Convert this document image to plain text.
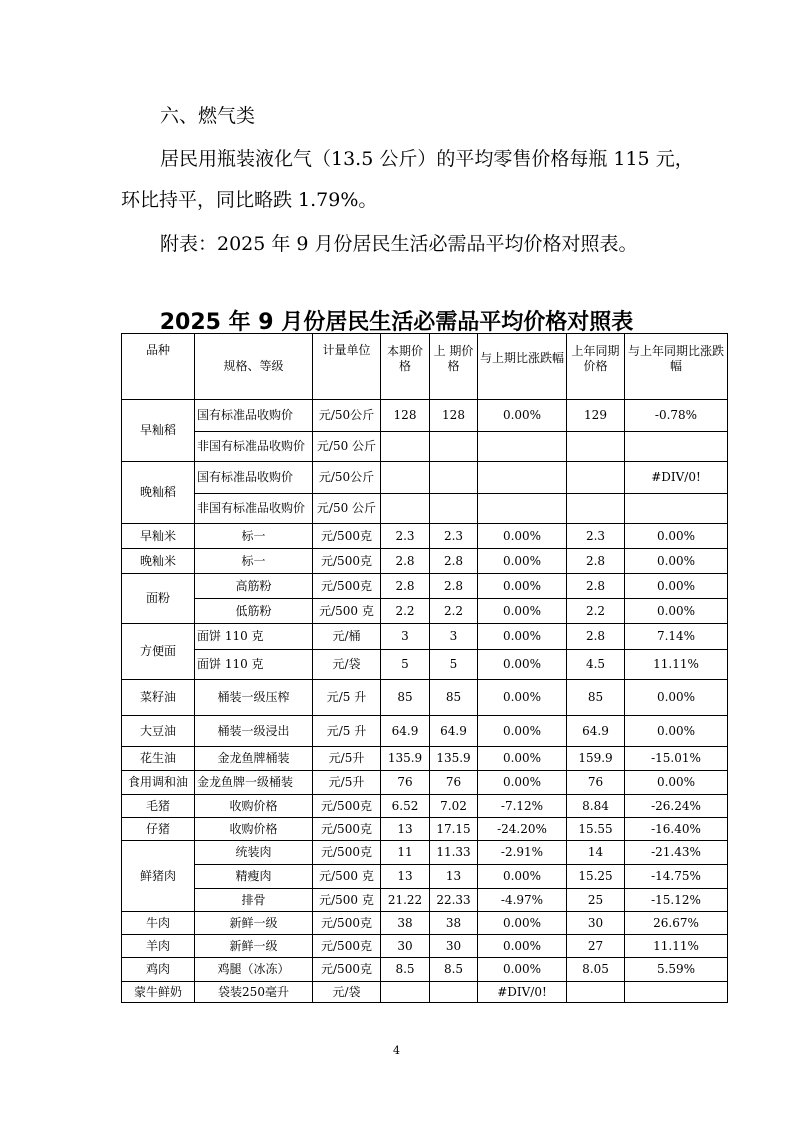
六、燃气类
居民用瓶装液化气（13.5 公斤）的平均零售价格每瓶 115 元，
环比持平，同比略跌 1.79%。
附表：2025 年 9 月份居民生活必需品平均价格对照表。
2025 年 9 月份居民生活必需品平均价格对照表
品种	规格、等级	计量单位	本期价格	上 期价格	与上期比涨跌幅	上年同期价格	与上年同期比涨跌幅

早籼稻	国有标准品收购价	元/50公斤	128	128	0.00%	129	-0.78%
	非国有标准品收购价	元/50 公斤					
晚籼稻	国有标准品收购价	元/50公斤					#DIV/0!
	非国有标准品收购价	元/50 公斤					
早籼米	标一	元/500克	2.3	2.3	0.00%	2.3	0.00%
晚籼米	标一	元/500克	2.8	2.8	0.00%	2.8	0.00%
面粉	高筋粉	元/500克	2.8	2.8	0.00%	2.8	0.00%
	低筋粉	元/500 克	2.2	2.2	0.00%	2.2	0.00%
方便面	面饼 110 克	元/桶	3	3	0.00%	2.8	7.14%
	面饼 110 克	元/袋	5	5	0.00%	4.5	11.11%
菜籽油	桶装一级压榨	元/5 升	85	85	0.00%	85	0.00%
大豆油	桶装一级浸出	元/5 升	64.9	64.9	0.00%	64.9	0.00%
花生油	金龙鱼牌桶装	元/5升	135.9	135.9	0.00%	159.9	-15.01%
食用调和油	金龙鱼牌一级桶装	元/5升	76	76	0.00%	76	0.00%
毛猪	收购价格	元/500克	6.52	7.02	-7.12%	8.84	-26.24%
仔猪	收购价格	元/500克	13	17.15	-24.20%	15.55	-16.40%
鲜猪肉	统装肉	元/500克	11	11.33	-2.91%	14	-21.43%
	精瘦肉	元/500 克	13	13	0.00%	15.25	-14.75%
	排骨	元/500 克	21.22	22.33	-4.97%	25	-15.12%
牛肉	新鲜一级	元/500克	38	38	0.00%	30	26.67%
羊肉	新鲜一级	元/500克	30	30	0.00%	27	11.11%
鸡肉	鸡腿（冰冻）	元/500克	8.5	8.5	0.00%	8.05	5.59%
蒙牛鲜奶	袋装250毫升	元/袋			#DIV/0!		
4
